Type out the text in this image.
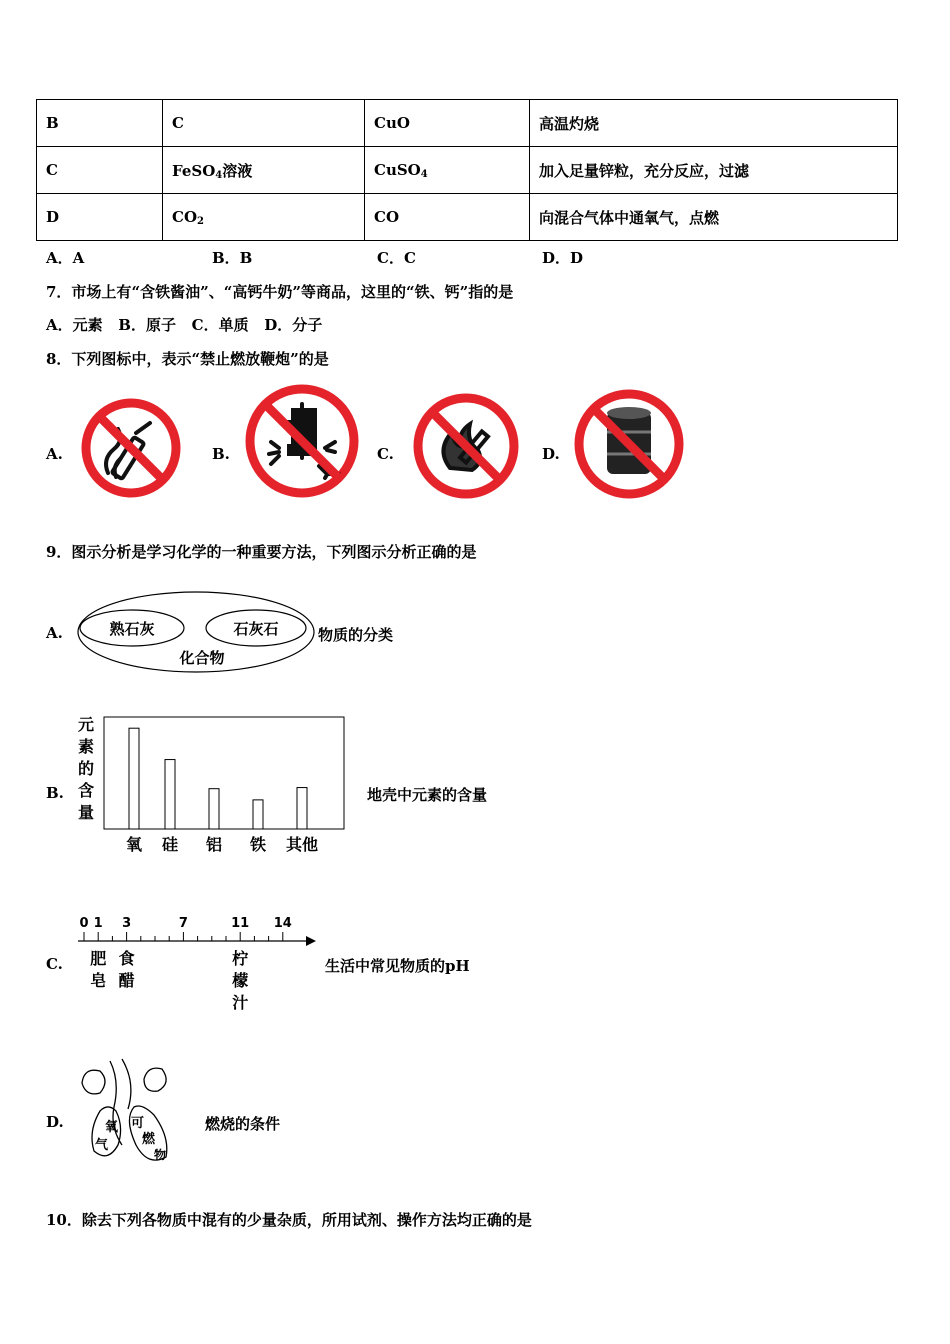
B	C	CuO	高温灼烧
C	FeSO$_4$溶液	CuSO$_4$	加入足量锌粒，充分反应，过滤
D	$CO_2$	CO	向混合气体中通氧气，点燃
A．A	B．B	C．C	D．D
7．市场上有“含铁酱油”、“高钙牛奶”等商品，这里的“铁、钙”指的是
A．元素   B．原子   C．单质   D．分子
8．下列图标中，表示“禁止燃放鞭炮”的是
A.	B.	C.	D.
9．图示分析是学习化学的一种重要方法，下列图示分析正确的是
A.	熟石灰	石灰石
化合物
物质的分类
B.
元
素
的
含
量
氧 硅 铝 铁 其他
地壳中元素的含量
C.
0 1 3	7	11 14
肥
皂
食
醋
柠
檬
汁
生活中常见物质的pH
D.	氧
气
可
燃
物
燃烧的条件
10．除去下列各物质中混有的少量杂质，所用试剂、操作方法均正确的是
